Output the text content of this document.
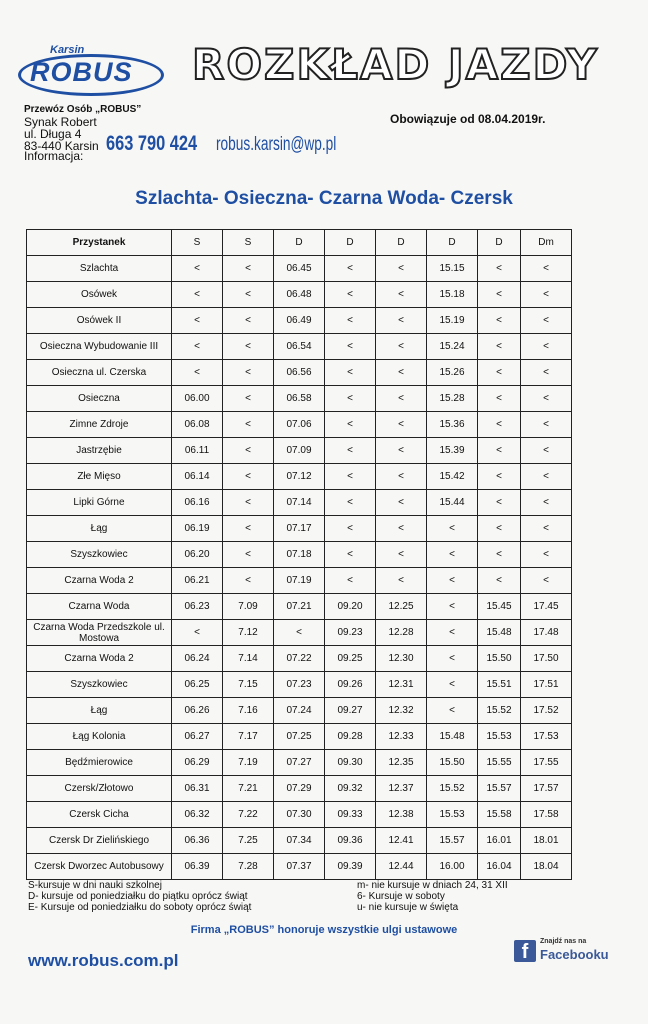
Karsin
ROBUS ROZKŁAD JAZDY
Przewóz Osób „ROBUS”
Synak Robert
ul. Długa 4
83-440 Karsin
Informacja:
663 790 424 robus.karsin@wp.pl
Obowiązuje od 08.04.2019r.
Szlachta- Osieczna- Czarna Woda- Czersk
Przystanek	S	S	D	D	D	D	D	Dm
Szlachta	<	<	06.45	<	<	15.15	<	<
Osówek	<	<	06.48	<	<	15.18	<	<
Osówek II	<	<	06.49	<	<	15.19	<	<
Osieczna Wybudowanie III	<	<	06.54	<	<	15.24	<	<
Osieczna ul. Czerska	<	<	06.56	<	<	15.26	<	<
Osieczna	06.00	<	06.58	<	<	15.28	<	<
Zimne Zdroje	06.08	<	07.06	<	<	15.36	<	<
Jastrzębie	06.11	<	07.09	<	<	15.39	<	<
Złe Mięso	06.14	<	07.12	<	<	15.42	<	<
Lipki Górne	06.16	<	07.14	<	<	15.44	<	<
Łąg	06.19	<	07.17	<	<	<	<	<
Szyszkowiec	06.20	<	07.18	<	<	<	<	<
Czarna Woda 2	06.21	<	07.19	<	<	<	<	<
Czarna Woda	06.23	7.09	07.21	09.20	12.25	<	15.45	17.45
Czarna Woda Przedszkole ul. Mostowa	<	7.12	<	09.23	12.28	<	15.48	17.48
Czarna Woda 2	06.24	7.14	07.22	09.25	12.30	<	15.50	17.50
Szyszkowiec	06.25	7.15	07.23	09.26	12.31	<	15.51	17.51
Łąg	06.26	7.16	07.24	09.27	12.32	<	15.52	17.52
Łąg Kolonia	06.27	7.17	07.25	09.28	12.33	15.48	15.53	17.53
Będźmierowice	06.29	7.19	07.27	09.30	12.35	15.50	15.55	17.55
Czersk/Złotowo	06.31	7.21	07.29	09.32	12.37	15.52	15.57	17.57
Czersk Cicha	06.32	7.22	07.30	09.33	12.38	15.53	15.58	17.58
Czersk Dr Zielińskiego	06.36	7.25	07.34	09.36	12.41	15.57	16.01	18.01
Czersk Dworzec Autobusowy	06.39	7.28	07.37	09.39	12.44	16.00	16.04	18.04
S-kursuje w dni nauki szkolnej
D- kursuje od poniedziałku do piątku oprócz świąt
E- Kursuje od poniedziałku do soboty oprócz świąt
m- nie kursuje w dniach 24, 31 XII
6- Kursuje w soboty
u- nie kursuje w święta
Firma „ROBUS” honoruje wszystkie ulgi ustawowe
www.robus.com.pl	f	Znajdź nas na
Facebooku
